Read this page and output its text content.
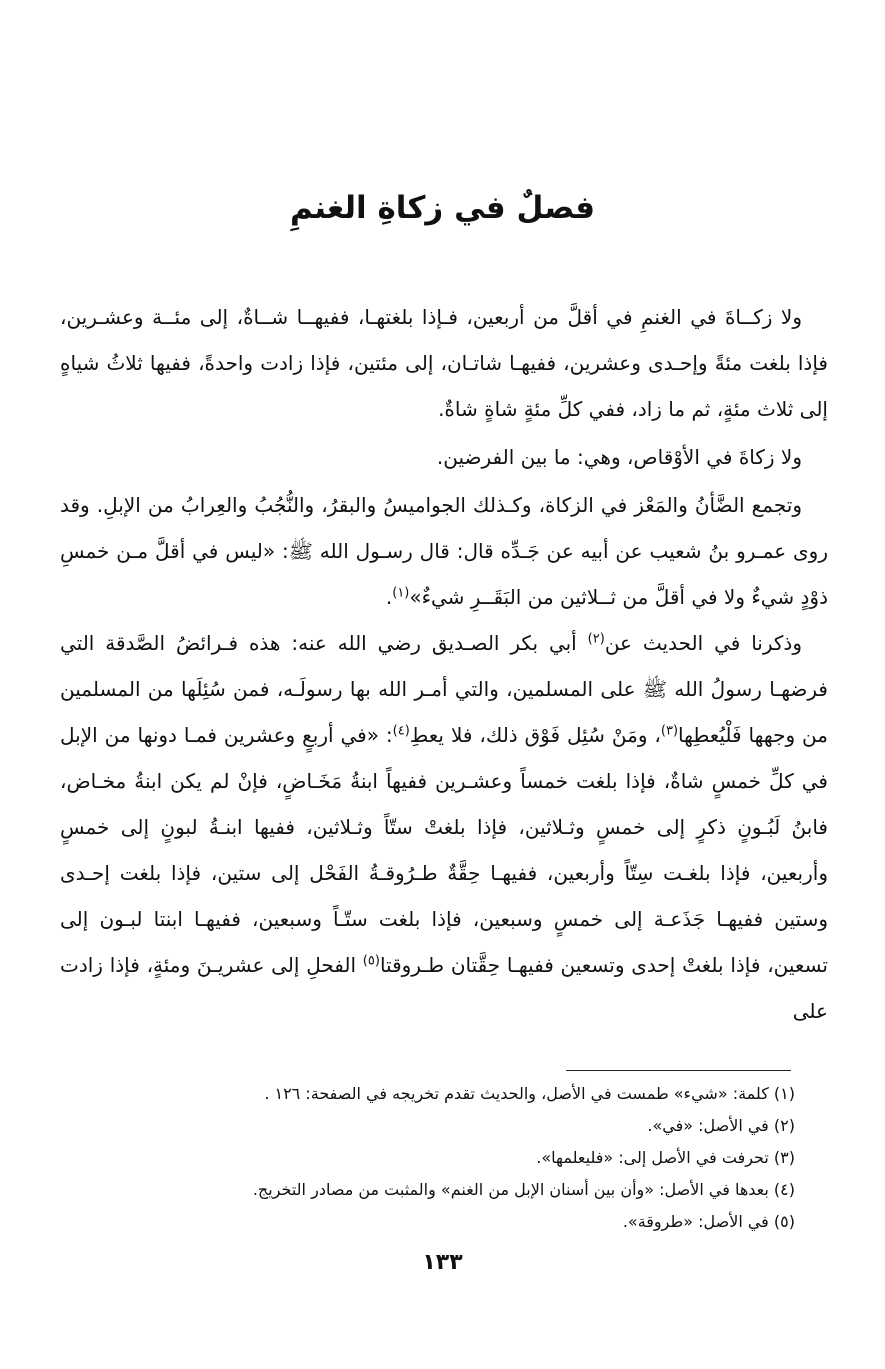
فصلٌ في زكاةِ الغنمِ

ولا زكــاةَ في الغنمِ في أقلَّ من أربعين، فـإذا بلغتهـا، ففيهــا شــاةٌ، إلى مئــة وعشـرين، فإذا بلغت مئةً وإحـدى وعشرين، ففيهـا شاتـان، إلى مئتين، فإذا زادت واحدةً، ففيها ثلاثُ شياهٍ إلى ثلاث مئةٍ، ثم ما زاد، ففي كلِّ مئةٍ شاةٍ شاةٌ.

ولا زكاةَ في الأوْقاص، وهي: ما بين الفرضين.

وتجمع الضَّأنُ والمَعْز في الزكاة، وكـذلك الجواميسُ والبقرُ، والنُّجُبُ والعِرابُ من الإبلِ. وقد روى عمـرو بنُ شعيب عن أبيه عن جَـدِّه قال: قال رسـول الله ﷺ: «ليس في أقلَّ مـن خمسِ ذوْدٍ شيءٌ ولا في أقلَّ من ثــلاثين من البَقَــرِ شيءٌ»$^{(١)}$.

وذكرنا في الحديث عن$^{(٢)}$ أبي بكر الصـديق رضي الله عنه: هذه فـرائضُ الصَّدقة التي فرضهـا رسولُ الله ﷺ على المسلمين، والتي أمـر الله بها رسولَـه، فمن سُئِلَها من المسلمين من وجهها فَلْيُعطِها$^{(٣)}$، ومَنْ سُئِل فَوْق ذلك، فلا يعطِ$^{(٤)}$: «في أربعٍ وعشرين فمـا دونها من الإبل في كلِّ خمسٍ شاةٌ، فإذا بلغت خمساً وعشـرين ففيهاً ابنةُ مَخَـاضٍ، فإنْ لم يكن ابنةُ مخـاض، فابنُ لَبُـونٍ ذكرٍ إلى خمسٍ وثـلاثين، فإذا بلغتْ ستّاً وثـلاثين، ففيها ابنـةُ لبونٍ إلى خمسٍ وأربعين، فإذا بلغـت سِتّاً وأربعين، ففيهـا حِقَّةٌ طـرُوقـةُ الفَحْل إلى ستين، فإذا بلغت إحـدى وستين ففيهـا جَذَعـة إلى خمسٍ وسبعين، فإذا بلغت ستّـاً وسبعين، ففيهـا ابنتا لبـون إلى تسعين، فإذا بلغتْ إحدى وتسعين ففيهـا حِقَّتان طـروقتا$^{(٥)}$ الفحلِ إلى عشريـنَ ومئةٍ، فإذا زادت على

(١) كلمة: «شيء» طمست في الأصل، والحديث تقدم تخريجه في الصفحة: ١٢٦ .
(٢) في الأصل: «في».
(٣) تحرفت في الأصل إلى: «فليعلمها».
(٤) بعدها في الأصل: «وأن بين أسنان الإبل من الغنم» والمثبت من مصادر التخريج.
(٥) في الأصل: «طروقة».
١٣٣
